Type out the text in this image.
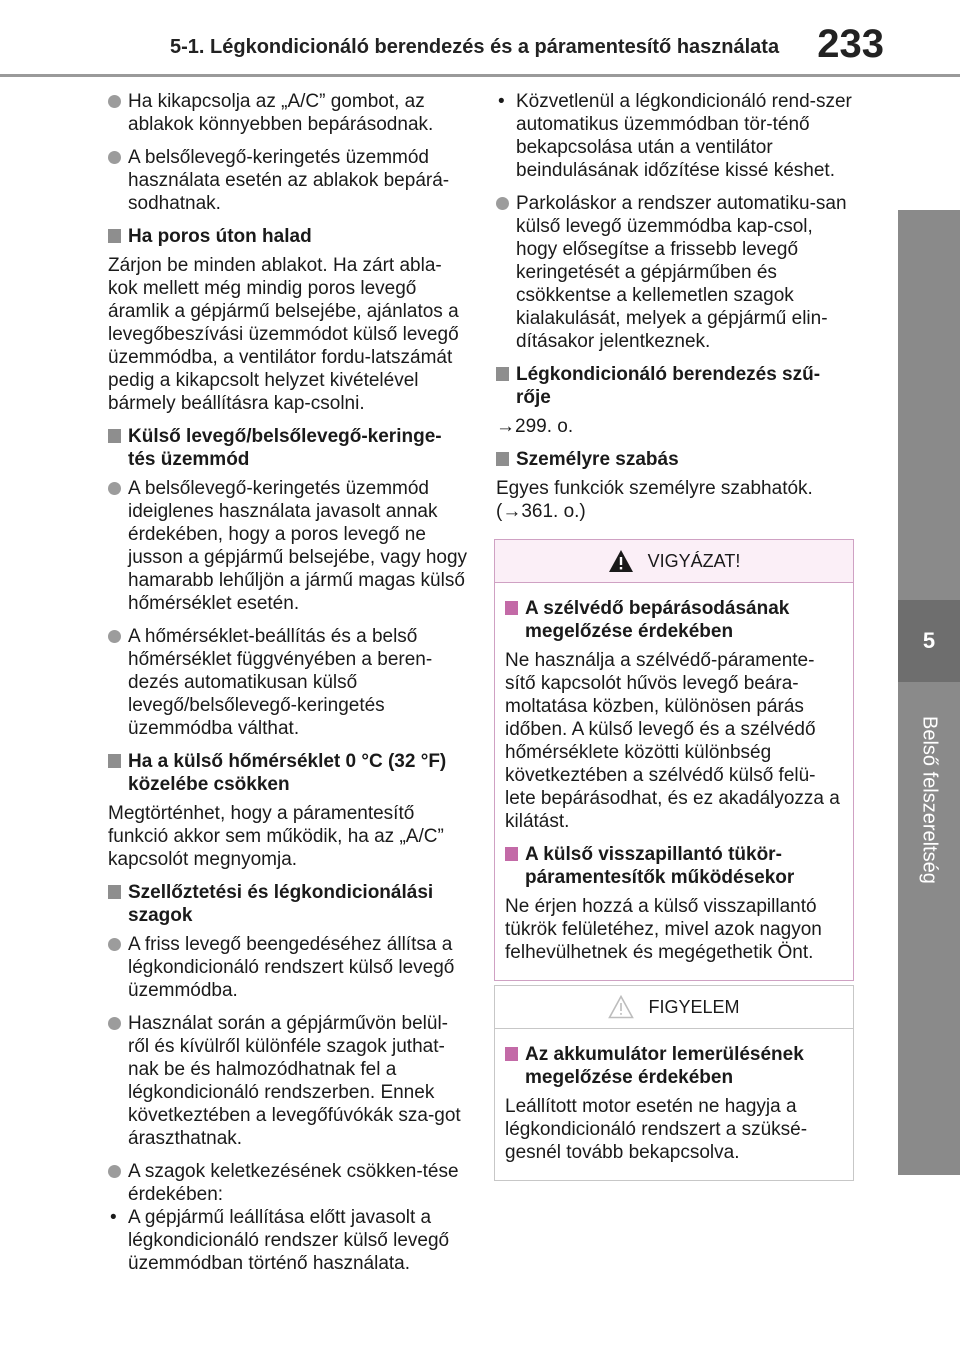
5-1. Légkondicionáló berendezés és a páramentesítő használata 233
5
Belső felszereltség
Ha kikapcsolja az „A/C” gombot, az ablakok könnyebben bepárásodnak.
A belsőlevegő-keringetés üzemmód használata esetén az ablakok bepárá-sodhatnak.
Ha poros úton halad
Zárjon be minden ablakot. Ha zárt abla-kok mellett még mindig poros levegő áramlik a gépjármű belsejébe, ajánlatos a levegőbeszívási üzemmódot külső levegő üzemmódba, a ventilátor fordu-latszámát pedig a kikapcsolt helyzet kivételével bármely beállításra kap-csolni.
Külső levegő/belsőlevegő-keringe-tés üzemmód
A belsőlevegő-keringetés üzemmód ideiglenes használata javasolt annak érdekében, hogy a poros levegő ne jusson a gépjármű belsejébe, vagy hogy hamarabb lehűljön a jármű magas külső hőmérséklet esetén.
A hőmérséklet-beállítás és a belső hőmérséklet függvényében a beren-dezés automatikusan külső levegő/belsőlevegő-keringetés üzemmódba válthat.
Ha a külső hőmérséklet 0 °C (32 °F) közelébe csökken
Megtörténhet, hogy a páramentesítő funkció akkor sem működik, ha az „A/C” kapcsolót megnyomja.
Szellőztetési és légkondicionálási szagok
A friss levegő beengedéséhez állítsa a légkondicionáló rendszert külső levegő üzemmódba.
Használat során a gépjárművön belül-ről és kívülről különféle szagok juthat-nak be és halmozódhatnak fel a légkondicionáló rendszerben. Ennek következtében a levegőfúvókák sza-got áraszthatnak.
A szagok keletkezésének csökken-tése érdekében:
• A gépjármű leállítása előtt javasolt a légkondicionáló rendszer külső levegő üzemmódban történő használata.
• Közvetlenül a légkondicionáló rend-szer automatikus üzemmódban tör-ténő bekapcsolása után a ventilátor beindulásának időzítése kissé késhet.
Parkoláskor a rendszer automatiku-san külső levegő üzemmódba kap-csol, hogy elősegítse a frissebb levegő keringetését a gépjárműben és csökkentse a kellemetlen szagok kialakulását, melyek a gépjármű elin-dításakor jelentkeznek.
Légkondicionáló berendezés szű-rője
→299. o.
Személyre szabás
Egyes funkciók személyre szabhatók. (→361. o.)
VIGYÁZAT!
A szélvédő bepárásodásának megelőzése érdekében
Ne használja a szélvédő-páramente-sítő kapcsolót hűvös levegő beára-moltatása közben, különösen párás időben. A külső levegő és a szélvédő hőmérséklete közötti különbség következtében a szélvédő külső felü-lete bepárásodhat, és ez akadályozza a kilátást.
A külső visszapillantó tükör-páramentesítők működésekor
Ne érjen hozzá a külső visszapillantó tükrök felületéhez, mivel azok nagyon felhevülhetnek és megégethetik Önt.
FIGYELEM
Az akkumulátor lemerülésének megelőzése érdekében
Leállított motor esetén ne hagyja a légkondicionáló rendszert a szüksé-gesnél tovább bekapcsolva.
